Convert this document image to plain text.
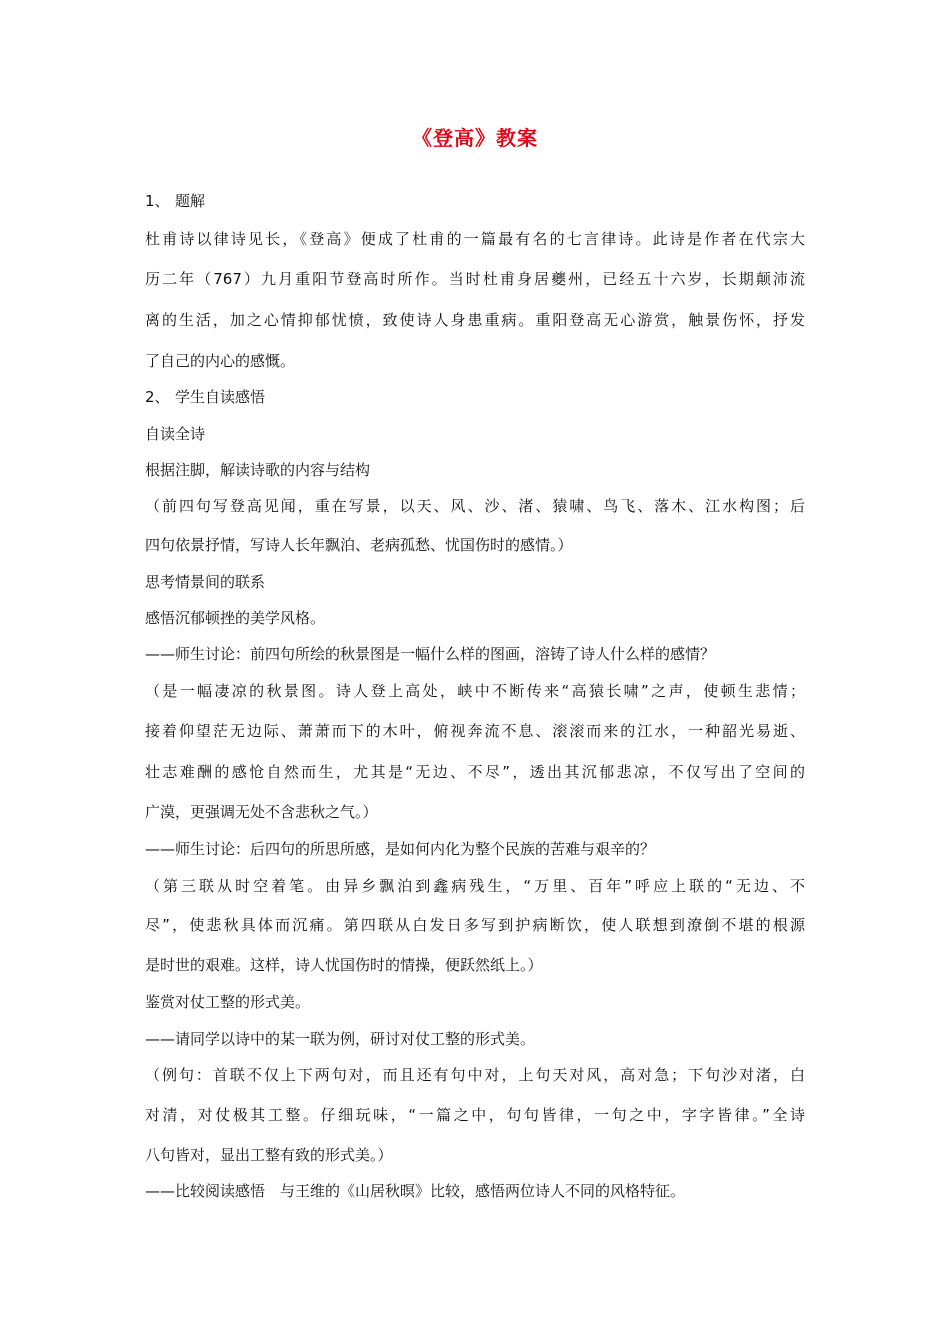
《登高》教案
1、 题解
杜甫诗以律诗见长，《登高》便成了杜甫的一篇最有名的七言律诗。此诗是作者在代宗大
历二年（767）九月重阳节登高时所作。当时杜甫身居夔州，已经五十六岁，长期颠沛流
离的生活，加之心情抑郁忧愤，致使诗人身患重病。重阳登高无心游赏，触景伤怀，抒发
了自己的内心的感慨。
2、 学生自读感悟
自读全诗
根据注脚，解读诗歌的内容与结构
（前四句写登高见闻，重在写景，以天、风、沙、渚、猿啸、鸟飞、落木、江水构图；后
四句依景抒情，写诗人长年飘泊、老病孤愁、忧国伤时的感情。）
思考情景间的联系
感悟沉郁顿挫的美学风格。
——师生讨论：前四句所绘的秋景图是一幅什么样的图画，溶铸了诗人什么样的感情？
（是一幅凄凉的秋景图。诗人登上高处，峡中不断传来“高猿长啸”之声，使顿生悲情；
接着仰望茫无边际、萧萧而下的木叶，俯视奔流不息、滚滚而来的江水，一种韶光易逝、
壮志难酬的感怆自然而生，尤其是“无边、不尽”，透出其沉郁悲凉，不仅写出了空间的
广漠，更强调无处不含悲秋之气。）
——师生讨论：后四句的所思所感，是如何内化为整个民族的苦难与艰辛的？
（第三联从时空着笔。由异乡飘泊到鑫病残生，“万里、百年”呼应上联的“无边、不
尽”，使悲秋具体而沉痛。第四联从白发日多写到护病断饮，使人联想到潦倒不堪的根源
是时世的艰难。这样，诗人忧国伤时的情操，便跃然纸上。）
鉴赏对仗工整的形式美。
——请同学以诗中的某一联为例，研讨对仗工整的形式美。
（例句：首联不仅上下两句对，而且还有句中对，上句天对风，高对急；下句沙对渚，白
对清，对仗极其工整。仔细玩味，“一篇之中，句句皆律，一句之中，字字皆律。”全诗
八句皆对，显出工整有致的形式美。）
——比较阅读感悟　与王维的《山居秋暝》比较，感悟两位诗人不同的风格特征。
